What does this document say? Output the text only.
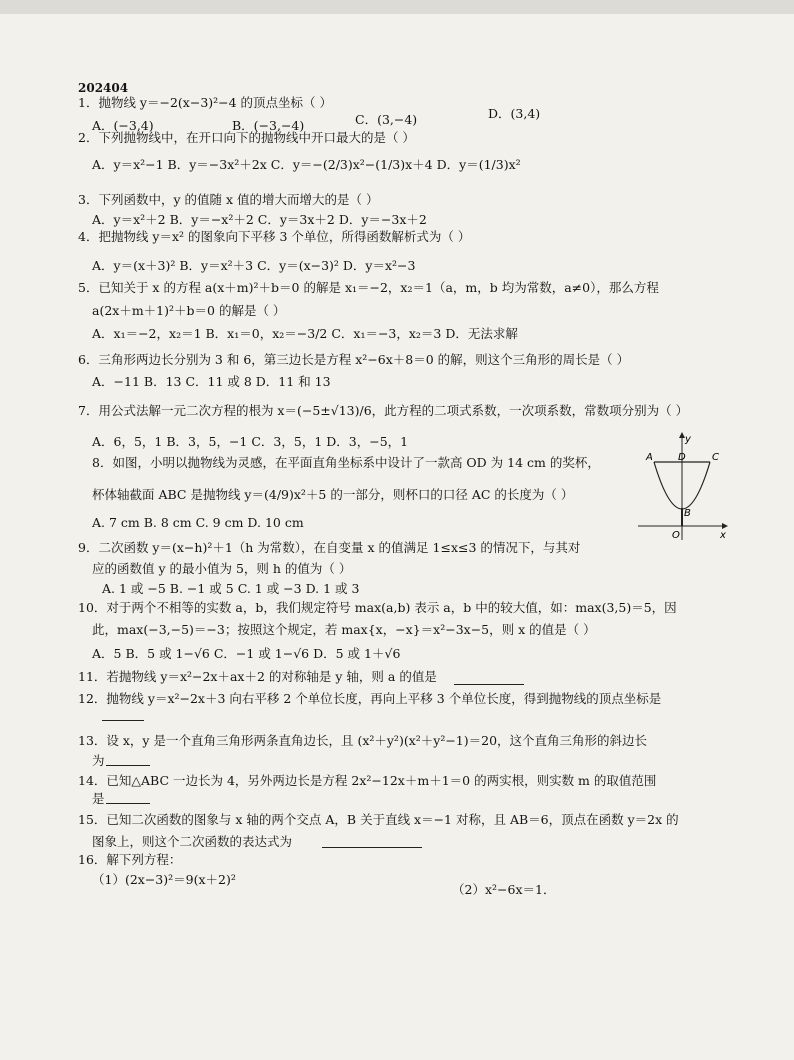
202404
1．抛物线 y＝−2(x−3)²−4 的顶点坐标（ ）
A．(−3,4)	B．(−3,−4)	C．(3,−4)	D．(3,4)
2．下列抛物线中，在开口向下的抛物线中开口最大的是（ ）
A．y＝x²−1 B．y＝−3x²＋2x C．y＝−(2/3)x²−(1/3)x＋4 D．y＝(1/3)x²
3．下列函数中，y 的值随 x 值的增大而增大的是（ ）
A．y＝x²＋2 B．y＝−x²＋2 C．y＝3x＋2 D．y＝−3x＋2
4．把抛物线 y＝x² 的图象向下平移 3 个单位，所得函数解析式为（ ）
A．y＝(x＋3)² B．y＝x²＋3 C．y＝(x−3)² D．y＝x²−3
5．已知关于 x 的方程 a(x＋m)²＋b＝0 的解是 x₁＝−2，x₂＝1（a，m，b 均为常数，a≠0），那么方程
a(2x＋m＋1)²＋b＝0 的解是（ ）
A．x₁＝−2，x₂＝1 B．x₁＝0，x₂＝−3/2 C．x₁＝−3，x₂＝3 D．无法求解
6．三角形两边长分别为 3 和 6，第三边长是方程 x²−6x＋8＝0 的解，则这个三角形的周长是（ ）
A．−11 B．13 C．11 或 8 D．11 和 13
7．用公式法解一元二次方程的根为 x＝(−5±√13)/6，此方程的二项式系数，一次项系数，常数项分别为（ ）
A．6，5，1 B．3，5，−1 C．3，5，1 D．3，−5，1
8．如图，小明以抛物线为灵感，在平面直角坐标系中设计了一款高 OD 为 14 cm 的奖杯，
杯体轴截面 ABC 是抛物线 y＝(4/9)x²＋5 的一部分，则杯口的口径 AC 的长度为（ ）
A. 7 cm B. 8 cm C. 9 cm D. 10 cm
9．二次函数 y＝(x−h)²＋1（h 为常数），在自变量 x 的值满足 1≤x≤3 的情况下，与其对
应的函数值 y 的最小值为 5，则 h 的值为（ ）
A. 1 或 −5 B. −1 或 5 C. 1 或 −3 D. 1 或 3
10．对于两个不相等的实数 a，b，我们规定符号 max(a,b) 表示 a，b 中的较大值，如：max(3,5)＝5，因
此，max(−3,−5)＝−3；按照这个规定，若 max{x，−x}＝x²−3x−5，则 x 的值是（ ）
A．5 B．5 或 1−√6 C．−1 或 1−√6 D．5 或 1＋√6
11．若抛物线 y＝x²−2x＋ax＋2 的对称轴是 y 轴，则 a 的值是
12．抛物线 y＝x²−2x＋3 向右平移 2 个单位长度，再向上平移 3 个单位长度，得到抛物线的顶点坐标是
13．设 x，y 是一个直角三角形两条直角边长，且 (x²＋y²)(x²＋y²−1)＝20，这个直角三角形的斜边长
为
14．已知△ABC 一边长为 4，另外两边长是方程 2x²−12x＋m＋1＝0 的两实根，则实数 m 的取值范围
是
15．已知二次函数的图象与 x 轴的两个交点 A，B 关于直线 x＝−1 对称，且 AB＝6，顶点在函数 y＝2x 的
图象上，则这个二次函数的表达式为
16．解下列方程：
（1）(2x−3)²＝9(x＋2)²
（2）x²−6x＝1．
A	D	C
y
B
O	x
